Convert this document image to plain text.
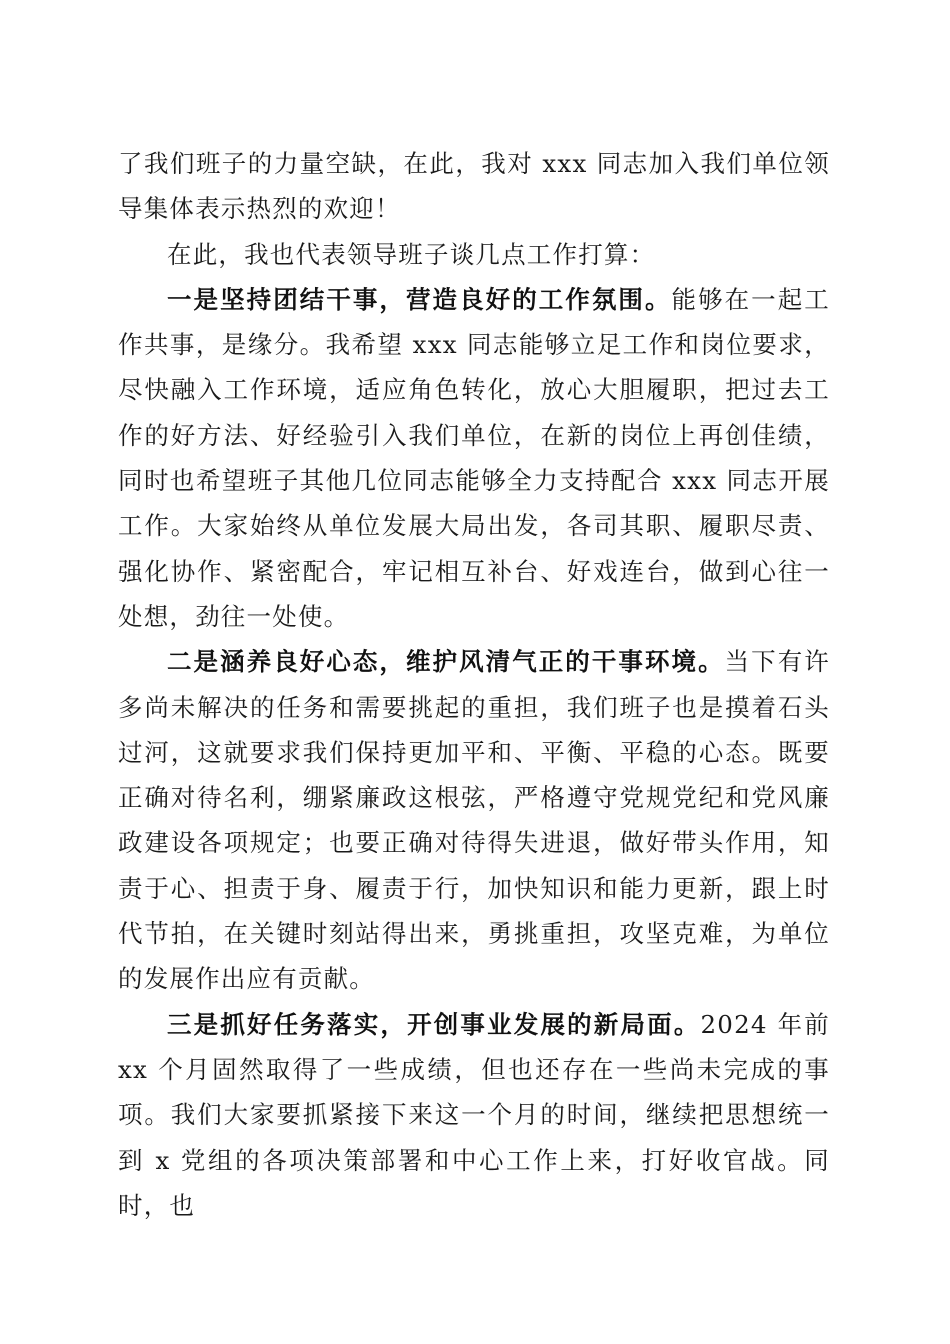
了我们班子的力量空缺，在此，我对 xxx 同志加入我们单位领导集体表示热烈的欢迎！

在此，我也代表领导班子谈几点工作打算：

一是坚持团结干事，营造良好的工作氛围。能够在一起工作共事，是缘分。我希望 xxx 同志能够立足工作和岗位要求，尽快融入工作环境，适应角色转化，放心大胆履职，把过去工作的好方法、好经验引入我们单位，在新的岗位上再创佳绩，同时也希望班子其他几位同志能够全力支持配合 xxx 同志开展工作。大家始终从单位发展大局出发，各司其职、履职尽责、强化协作、紧密配合，牢记相互补台、好戏连台，做到心往一处想，劲往一处使。

二是涵养良好心态，维护风清气正的干事环境。当下有许多尚未解决的任务和需要挑起的重担，我们班子也是摸着石头过河，这就要求我们保持更加平和、平衡、平稳的心态。既要正确对待名利，绷紧廉政这根弦，严格遵守党规党纪和党风廉政建设各项规定；也要正确对待得失进退，做好带头作用，知责于心、担责于身、履责于行，加快知识和能力更新，跟上时代节拍，在关键时刻站得出来，勇挑重担，攻坚克难，为单位的发展作出应有贡献。

三是抓好任务落实，开创事业发展的新局面。2024 年前 xx 个月固然取得了一些成绩，但也还存在一些尚未完成的事项。我们大家要抓紧接下来这一个月的时间，继续把思想统一到 x 党组的各项决策部署和中心工作上来，打好收官战。同时，也
